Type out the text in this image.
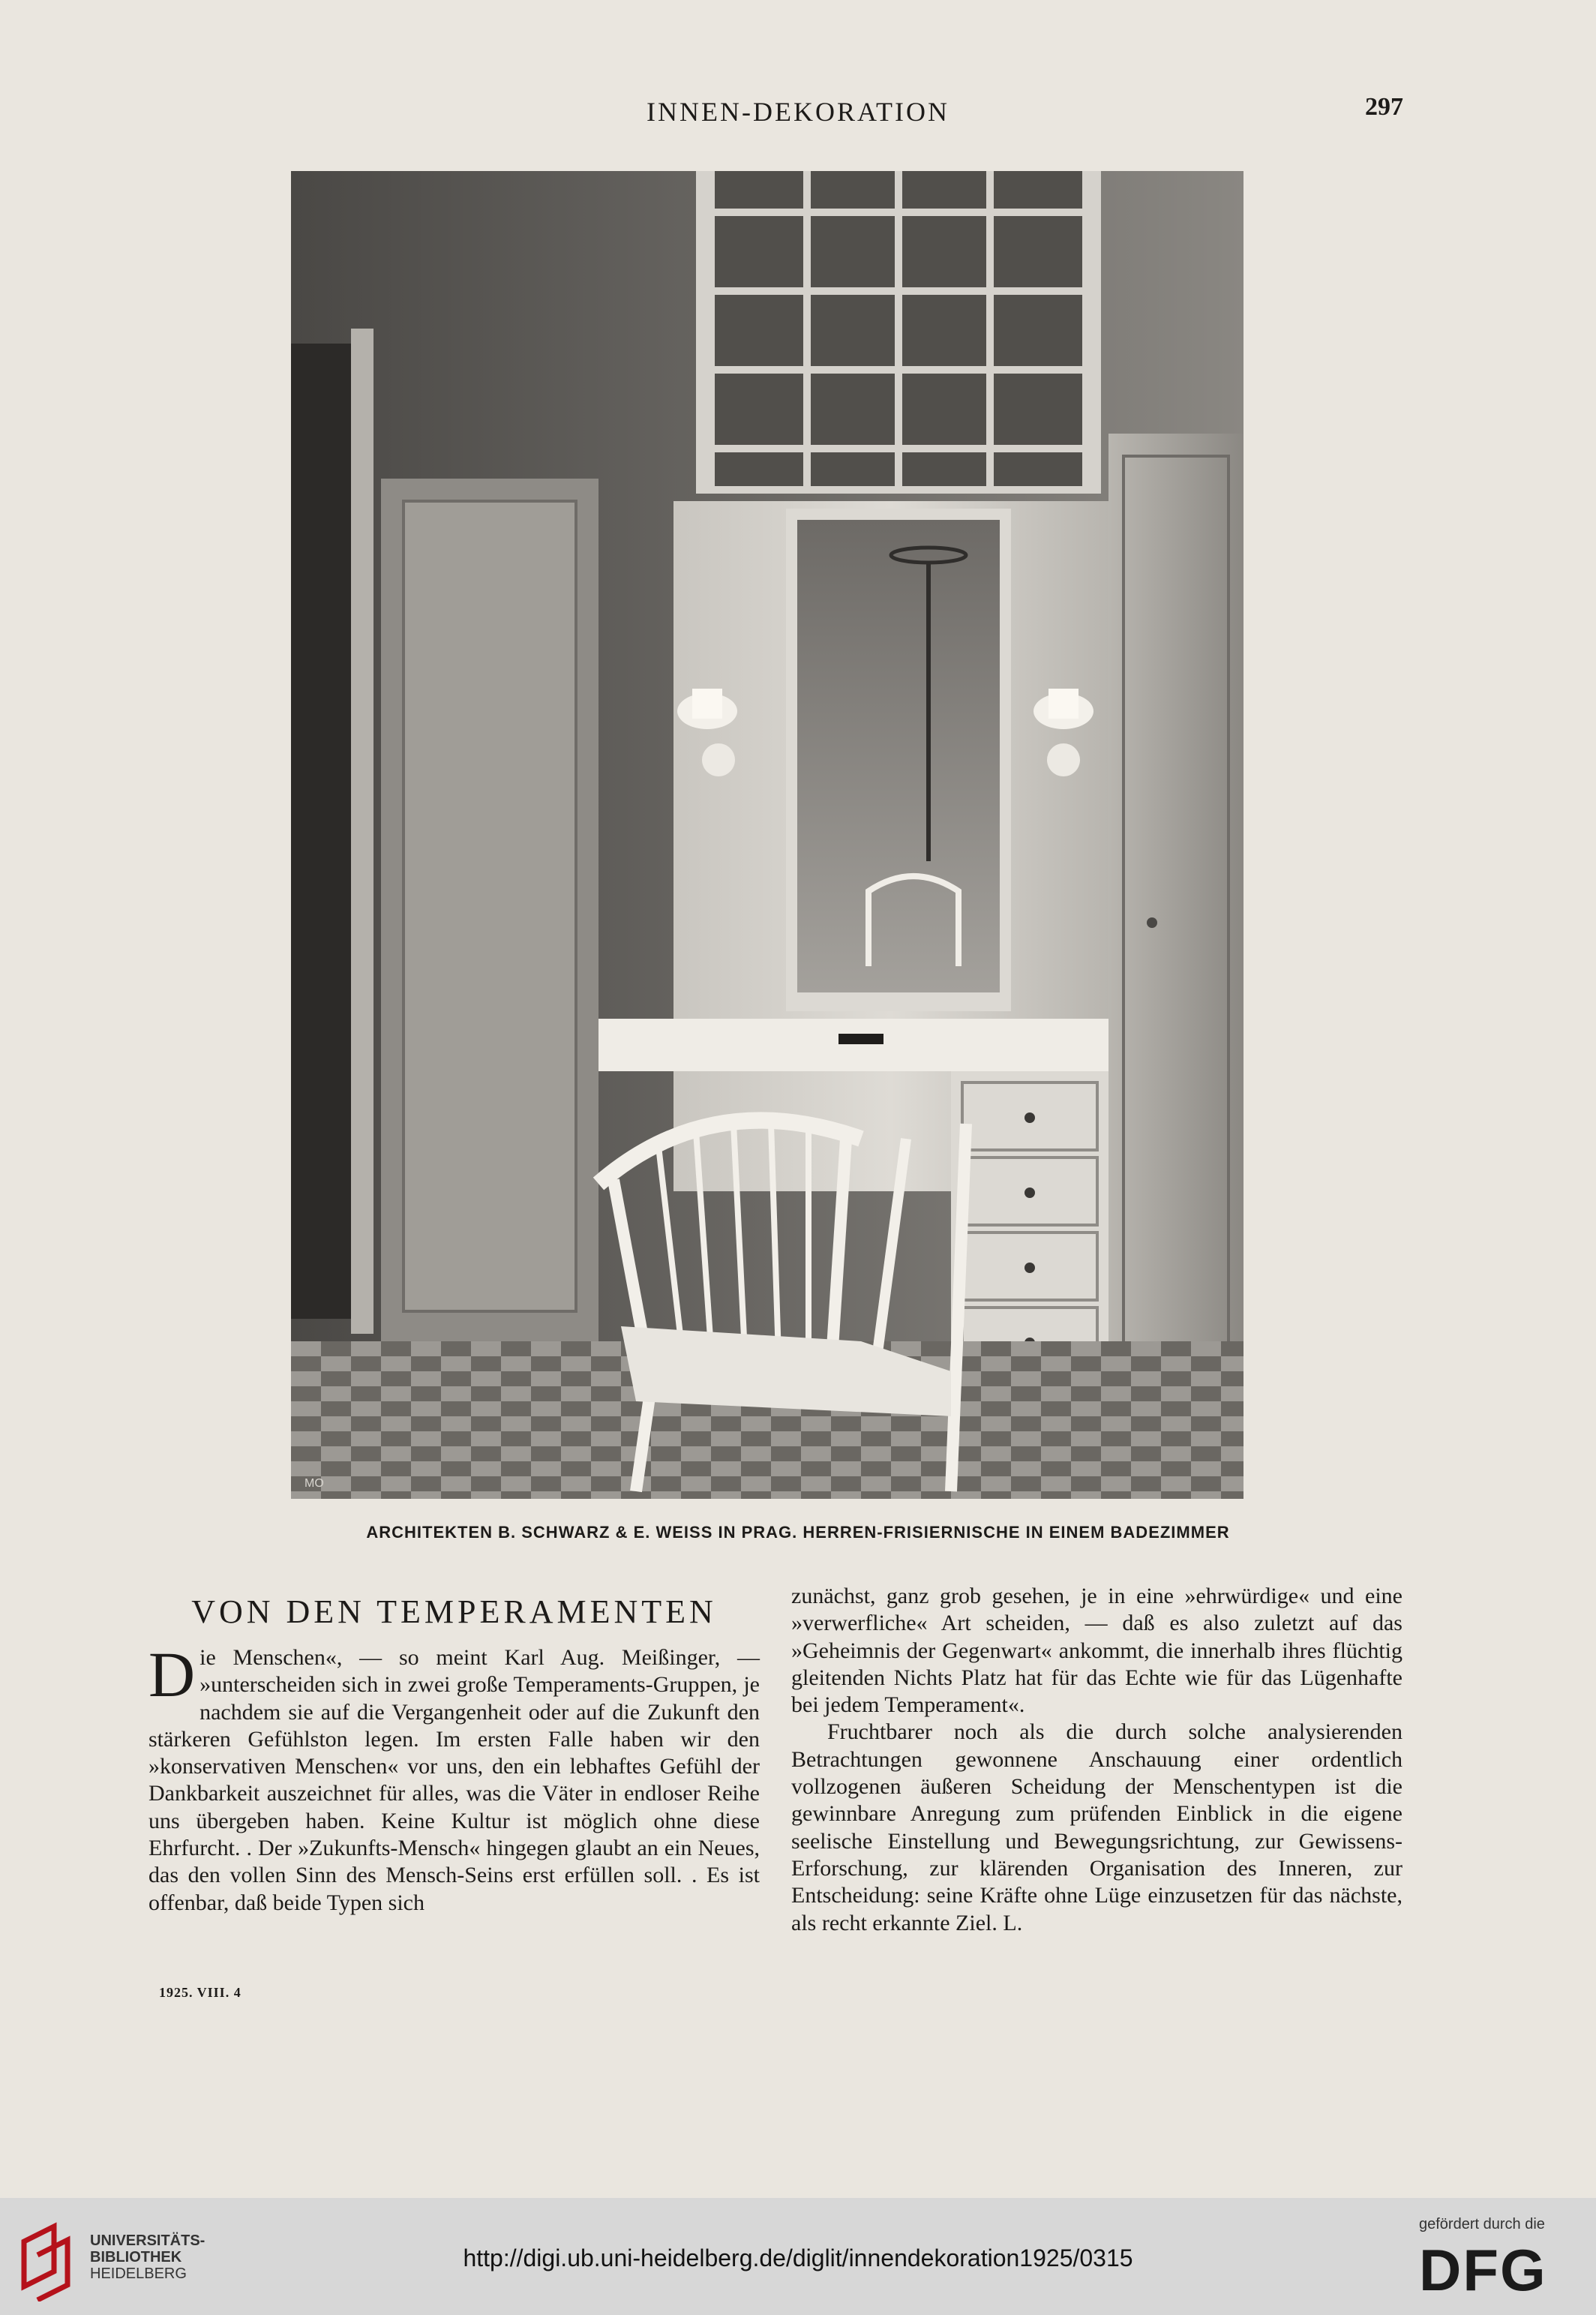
INNEN-DEKORATION	297
MO
ARCHITEKTEN B. SCHWARZ & E. WEISS IN PRAG. HERREN-FRISIERNISCHE IN EINEM BADEZIMMER
VON DEN TEMPERAMENTEN

Die Menschen«, — so meint Karl Aug. Meißinger, — »unterscheiden sich in zwei große Temperaments-Gruppen, je nachdem sie auf die Vergangenheit oder auf die Zukunft den stärkeren Gefühlston legen. Im ersten Falle haben wir den »konservativen Menschen« vor uns, den ein lebhaftes Gefühl der Dankbarkeit auszeichnet für alles, was die Väter in endloser Reihe uns übergeben haben. Keine Kultur ist möglich ohne diese Ehrfurcht. . Der »Zukunfts-Mensch« hingegen glaubt an ein Neues, das den vollen Sinn des Mensch-Seins erst erfüllen soll. . Es ist offenbar, daß beide Typen sich

zunächst, ganz grob gesehen, je in eine »ehrwürdige« und eine »verwerfliche« Art scheiden, — daß es also zuletzt auf das »Geheimnis der Gegenwart« ankommt, die innerhalb ihres flüchtig gleitenden Nichts Platz hat für das Echte wie für das Lügenhafte bei jedem Temperament«.

Fruchtbarer noch als die durch solche analysierenden Betrachtungen gewonnene Anschauung einer ordentlich vollzogenen äußeren Scheidung der Menschentypen ist die gewinnbare Anregung zum prüfenden Einblick in die eigene seelische Einstellung und Bewegungsrichtung, zur Gewissens-Erforschung, zur klärenden Organisation des Inneren, zur Entscheidung: seine Kräfte ohne Lüge einzusetzen für das nächste, als recht erkannte Ziel. L.

1925. VIII. 4
UNIVERSITÄTS-
BIBLIOTHEK
HEIDELBERG
http://digi.ub.uni-heidelberg.de/diglit/innendekoration1925/0315
gefördert durch die
DFG
